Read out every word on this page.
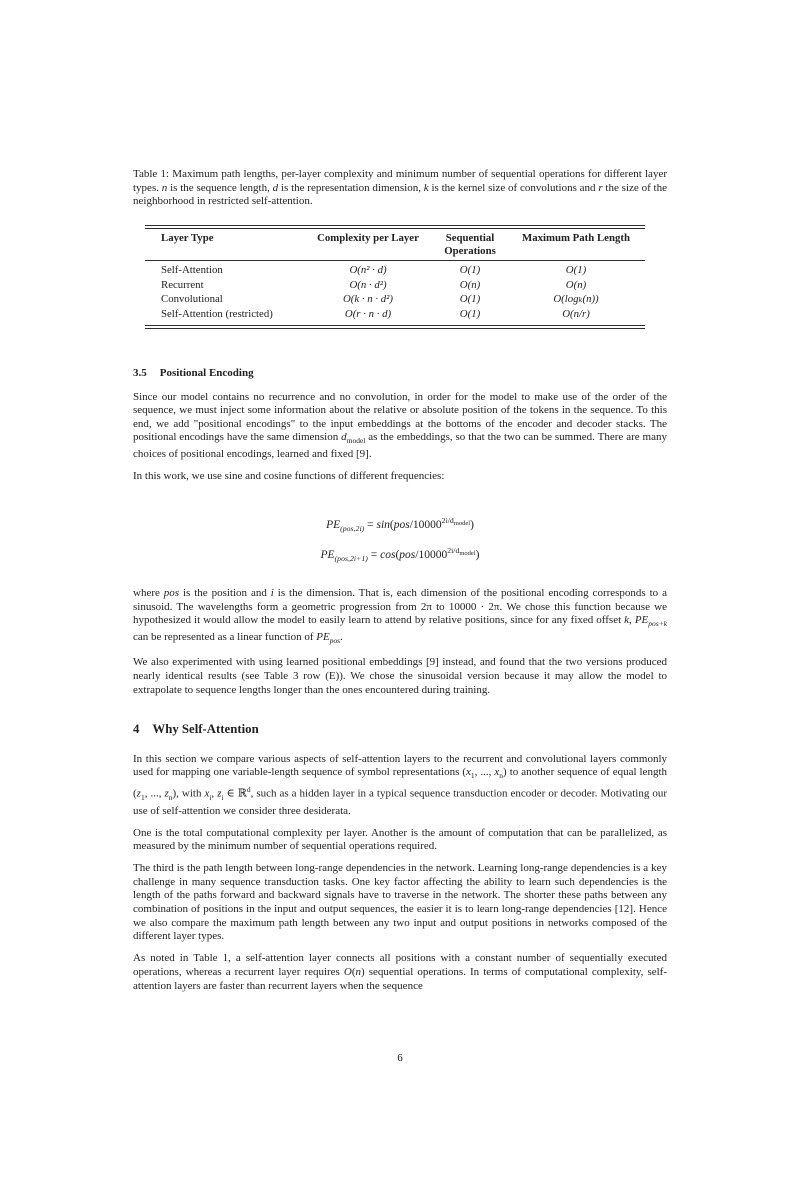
Table 1: Maximum path lengths, per-layer complexity and minimum number of sequential operations for different layer types. n is the sequence length, d is the representation dimension, k is the kernel size of convolutions and r the size of the neighborhood in restricted self-attention.
Layer Type	Complexity per Layer	Sequential Operations	Maximum Path Length
Self-Attention	O(n² · d)	O(1)	O(1)
Recurrent	O(n · d²)	O(n)	O(n)
Convolutional	O(k · n · d²)	O(1)	O(logₖ(n))
Self-Attention (restricted)	O(r · n · d)	O(1)	O(n/r)
3.5 Positional Encoding

Since our model contains no recurrence and no convolution, in order for the model to make use of the order of the sequence, we must inject some information about the relative or absolute position of the tokens in the sequence. To this end, we add "positional encodings" to the input embeddings at the bottoms of the encoder and decoder stacks. The positional encodings have the same dimension $d_{model}$ as the embeddings, so that the two can be summed. There are many choices of positional encodings, learned and fixed [9].

In this work, we use sine and cosine functions of different frequencies:

$PE_{(pos,2i)} = \sin(pos/10000^{2i/dmodel})$
$PE_{(pos,2i+1)} = \cos(pos/10000^{2i/dmodel})$

where pos is the position and i is the dimension. That is, each dimension of the positional encoding corresponds to a sinusoid. The wavelengths form a geometric progression from 2π to 10000 · 2π. We chose this function because we hypothesized it would allow the model to easily learn to attend by relative positions, since for any fixed offset k, $PE_{pos+k}$ can be represented as a linear function of $PE_{pos}$.

We also experimented with using learned positional embeddings [9] instead, and found that the two versions produced nearly identical results (see Table 3 row (E)). We chose the sinusoidal version because it may allow the model to extrapolate to sequence lengths longer than the ones encountered during training.

4 Why Self-Attention

In this section we compare various aspects of self-attention layers to the recurrent and convolutional layers commonly used for mapping one variable-length sequence of symbol representations ($x_1$, ..., $x_n$) to another sequence of equal length ($z_1$, ..., $z_n$), with $x_i$, $z_i$ ∈ ℝ$^d$, such as a hidden layer in a typical sequence transduction encoder or decoder. Motivating our use of self-attention we consider three desiderata.

One is the total computational complexity per layer. Another is the amount of computation that can be parallelized, as measured by the minimum number of sequential operations required.

The third is the path length between long-range dependencies in the network. Learning long-range dependencies is a key challenge in many sequence transduction tasks. One key factor affecting the ability to learn such dependencies is the length of the paths forward and backward signals have to traverse in the network. The shorter these paths between any combination of positions in the input and output sequences, the easier it is to learn long-range dependencies [12]. Hence we also compare the maximum path length between any two input and output positions in networks composed of the different layer types.

As noted in Table 1, a self-attention layer connects all positions with a constant number of sequentially executed operations, whereas a recurrent layer requires O(n) sequential operations. In terms of computational complexity, self-attention layers are faster than recurrent layers when the sequence

6
